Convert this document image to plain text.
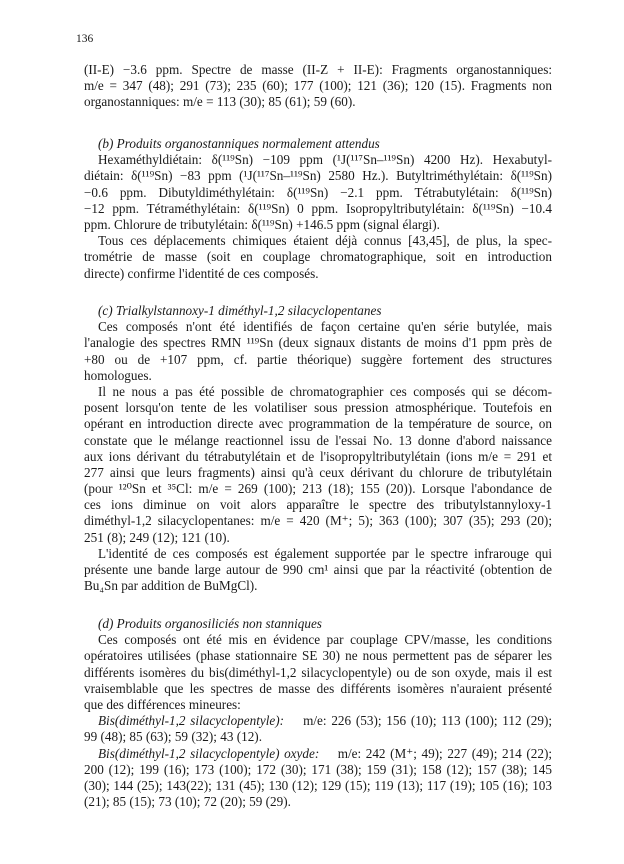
136
(II-E) −3.6 ppm. Spectre de masse (II-Z + II-E): Fragments organostanniques:
m/e = 347 (48); 291 (73); 235 (60); 177 (100); 121 (36); 120 (15). Fragments non
organostanniques: m/e = 113 (30); 85 (61); 59 (60).
(b) Produits organostanniques normalement attendus
Hexaméthyldiétain: δ(¹¹⁹Sn) −109 ppm (¹J(¹¹⁷Sn–¹¹⁹Sn) 4200 Hz). Hexabutyl-
diétain: δ(¹¹⁹Sn) −83 ppm (¹J(¹¹⁷Sn–¹¹⁹Sn) 2580 Hz.). Butyltriméthylétain: δ(¹¹⁹Sn)
−0.6 ppm. Dibutyldiméthylétain: δ(¹¹⁹Sn) −2.1 ppm. Tétrabutylétain: δ(¹¹⁹Sn)
−12 ppm. Tétraméthylétain: δ(¹¹⁹Sn) 0 ppm. Isopropyltributylétain: δ(¹¹⁹Sn) −10.4
ppm. Chlorure de tributylétain: δ(¹¹⁹Sn) +146.5 ppm (signal élargi).
Tous ces déplacements chimiques étaient déjà connus [43,45], de plus, la spec-
trométrie de masse (soit en couplage chromatographique, soit en introduction
directe) confirme l'identité de ces composés.
(c) Trialkylstannoxy-1 diméthyl-1,2 silacyclopentanes
Ces composés n'ont été identifiés de façon certaine qu'en série butylée, mais
l'analogie des spectres RMN ¹¹⁹Sn (deux signaux distants de moins d'1 ppm près de
+80 ou de +107 ppm, cf. partie théorique) suggère fortement des structures
homologues.
Il ne nous a pas été possible de chromatographier ces composés qui se décom-
posent lorsqu'on tente de les volatiliser sous pression atmosphérique. Toutefois en
opérant en introduction directe avec programmation de la température de source, on
constate que le mélange reactionnel issu de l'essai No. 13 donne d'abord naissance
aux ions dérivant du tétrabutylétain et de l'isopropyltributylétain (ions m/e = 291 et
277 ainsi que leurs fragments) ainsi qu'à ceux dérivant du chlorure de tributylétain
(pour ¹²⁰Sn et ³⁵Cl: m/e = 269 (100); 213 (18); 155 (20)). Lorsque l'abondance de
ces ions diminue on voit alors apparaître le spectre des tributylstannyloxy-1
diméthyl-1,2 silacyclopentanes: m/e = 420 (M⁺; 5); 363 (100); 307 (35); 293 (20);
251 (8); 249 (12); 121 (10).
L'identité de ces composés est également supportée par le spectre infrarouge qui
présente une bande large autour de 990 cm¹ ainsi que par la réactivité (obtention de
Bu₄Sn par addition de BuMgCl).
(d) Produits organosiliciés non stanniques
Ces composés ont été mis en évidence par couplage CPV/masse, les conditions
opératoires utilisées (phase stationnaire SE 30) ne nous permettent pas de séparer les
différents isomères du bis(diméthyl-1,2 silacyclopentyle) ou de son oxyde, mais il est
vraisemblable que les spectres de masse des différents isomères n'auraient présenté
que des différences mineures:
Bis(diméthyl-1,2 silacyclopentyle): m/e: 226 (53); 156 (10); 113 (100); 112 (29);
99 (48); 85 (63); 59 (32); 43 (12).
Bis(diméthyl-1,2 silacyclopentyle) oxyde: m/e: 242 (M⁺; 49); 227 (49); 214 (22);
200 (12); 199 (16); 173 (100); 172 (30); 171 (38); 159 (31); 158 (12); 157 (38); 145
(30); 144 (25); 143(22); 131 (45); 130 (12); 129 (15); 119 (13); 117 (19); 105 (16); 103
(21); 85 (15); 73 (10); 72 (20); 59 (29).
